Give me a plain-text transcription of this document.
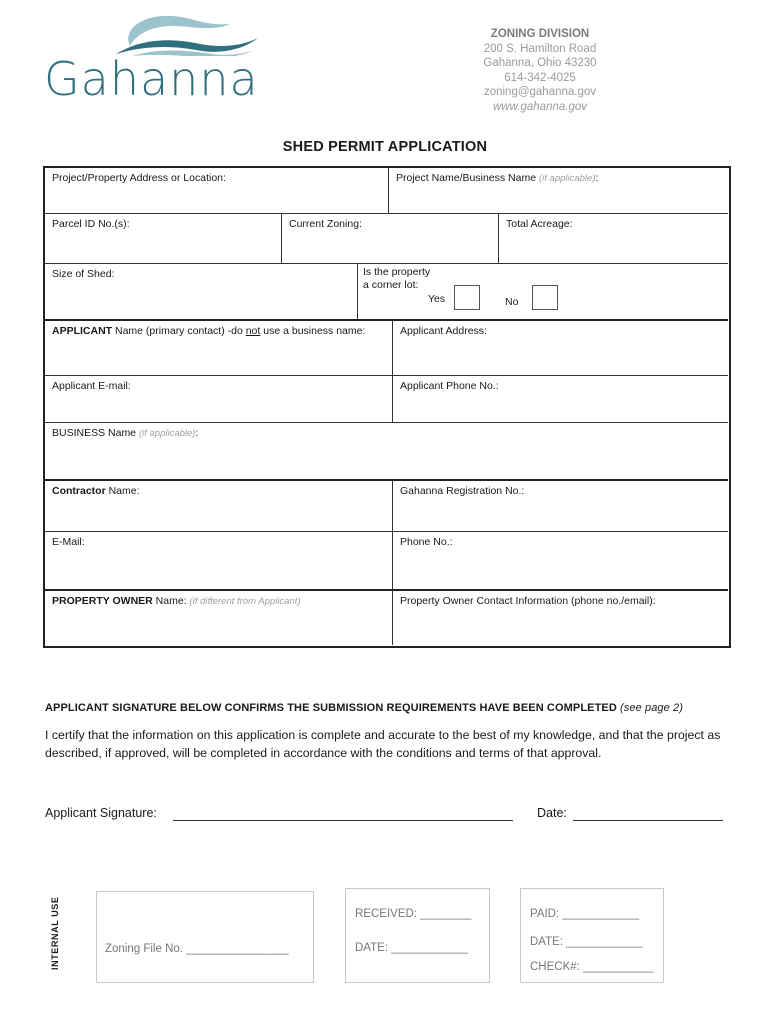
Gahanna
ZONING DIVISION
200 S. Hamilton Road
Gahanna, Ohio 43230
614-342-4025
zoning@gahanna.gov
www.gahanna.gov
SHED PERMIT APPLICATION
Project/Property Address or Location:	Project Name/Business Name (if applicable):
Parcel ID No.(s):	Current Zoning:	Total Acreage:
Size of Shed:	Is the property
a corner lot:
Yes	No
APPLICANT Name (primary contact) -do not use a business name:	Applicant Address:
Applicant E-mail:	Applicant Phone No.:
BUSINESS Name (if applicable):
Contractor Name:	Gahanna Registration No.:
E-Mail:	Phone No.:
PROPERTY OWNER Name: (if different from Applicant)	Property Owner Contact Information (phone no./email):
APPLICANT SIGNATURE BELOW CONFIRMS THE SUBMISSION REQUIREMENTS HAVE BEEN COMPLETED (see page 2)
I certify that the information on this application is complete and accurate to the best of my knowledge, and that the project as described, if approved, will be completed in accordance with the conditions and terms of that approval.
Applicant Signature:	Date:
INTERNAL USE	Zoning File No. ________________
RECEIVED: ________
DATE: ____________
PAID: ____________
DATE: ____________
CHECK#: ___________
